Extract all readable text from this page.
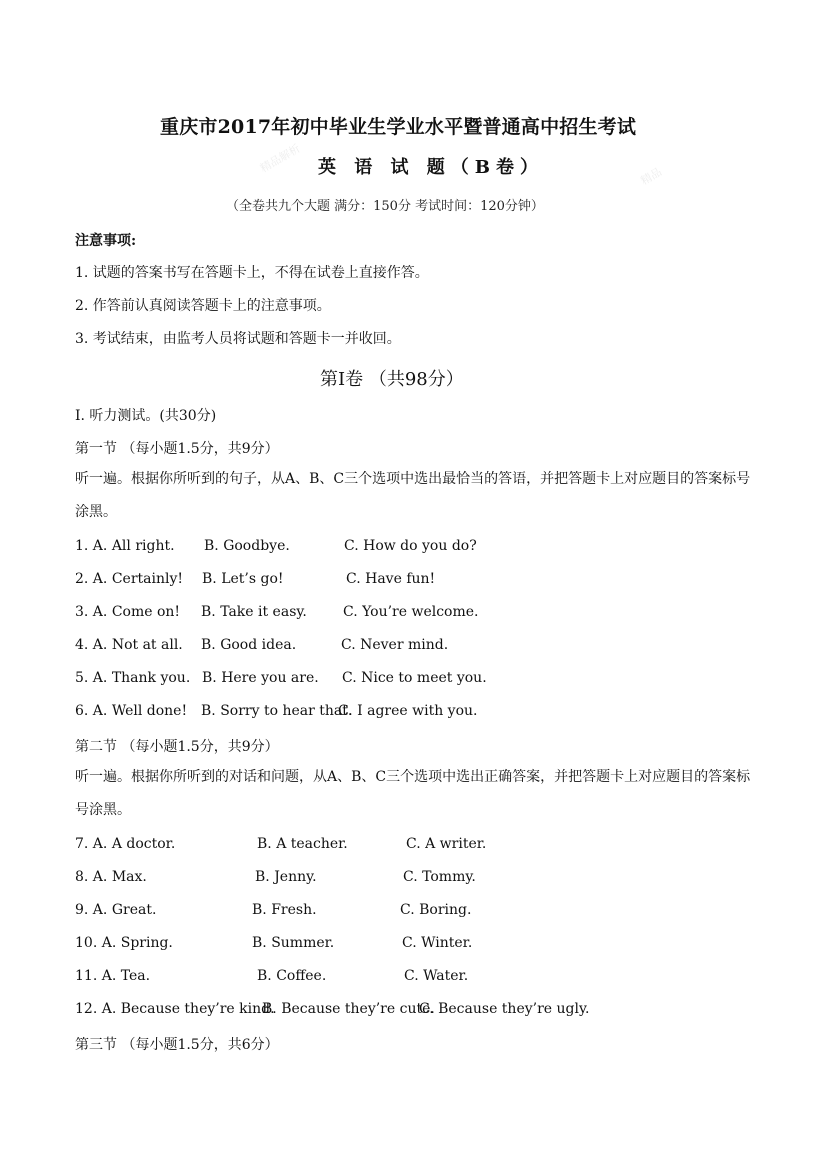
精品解析
精品
重庆市2017年初中毕业生学业水平暨普通高中招生考试
英 语 试 题（B卷）
（全卷共九个大题 满分：150分 考试时间：120分钟）
注意事项:
1. 试题的答案书写在答题卡上，不得在试卷上直接作答。
2. 作答前认真阅读答题卡上的注意事项。
3. 考试结束，由监考人员将试题和答题卡一并收回。
第I卷 （共98分）
I. 听力测试。(共30分)
第一节 （每小题1.5分，共9分）
听一遍。根据你所听到的句子，从A、B、C三个选项中选出最恰当的答语，并把答题卡上对应题目的答案标号涂黑。
1. A. All right. B. Goodbye.	C. How do you do?
2. A. Certainly! B. Let’s go!	C. Have fun!
3. A. Come on! B. Take it easy.	C. You’re welcome.
4. A. Not at all. B. Good idea.	C. Never mind.
5. A. Thank you. B. Here you are. C. Nice to meet you.
6. A. Well done! B. Sorry to hear that.
C. I agree with you.
第二节 （每小题1.5分，共9分）
听一遍。根据你所听到的对话和问题，从A、B、C三个选项中选出正确答案，并把答题卡上对应题目的答案标号涂黑。
7. A. A doctor.	B. A teacher.	C. A writer.
8. A. Max.	B. Jenny.	C. Tommy.
9. A. Great.	B. Fresh.	C. Boring.
10. A. Spring.	B. Summer.	C. Winter.
11. A. Tea.	B. Coffee.	C. Water.
12. A. Because they’re kind.
B. Because they’re cute.
C. Because they’re ugly.
第三节 （每小题1.5分，共6分）
